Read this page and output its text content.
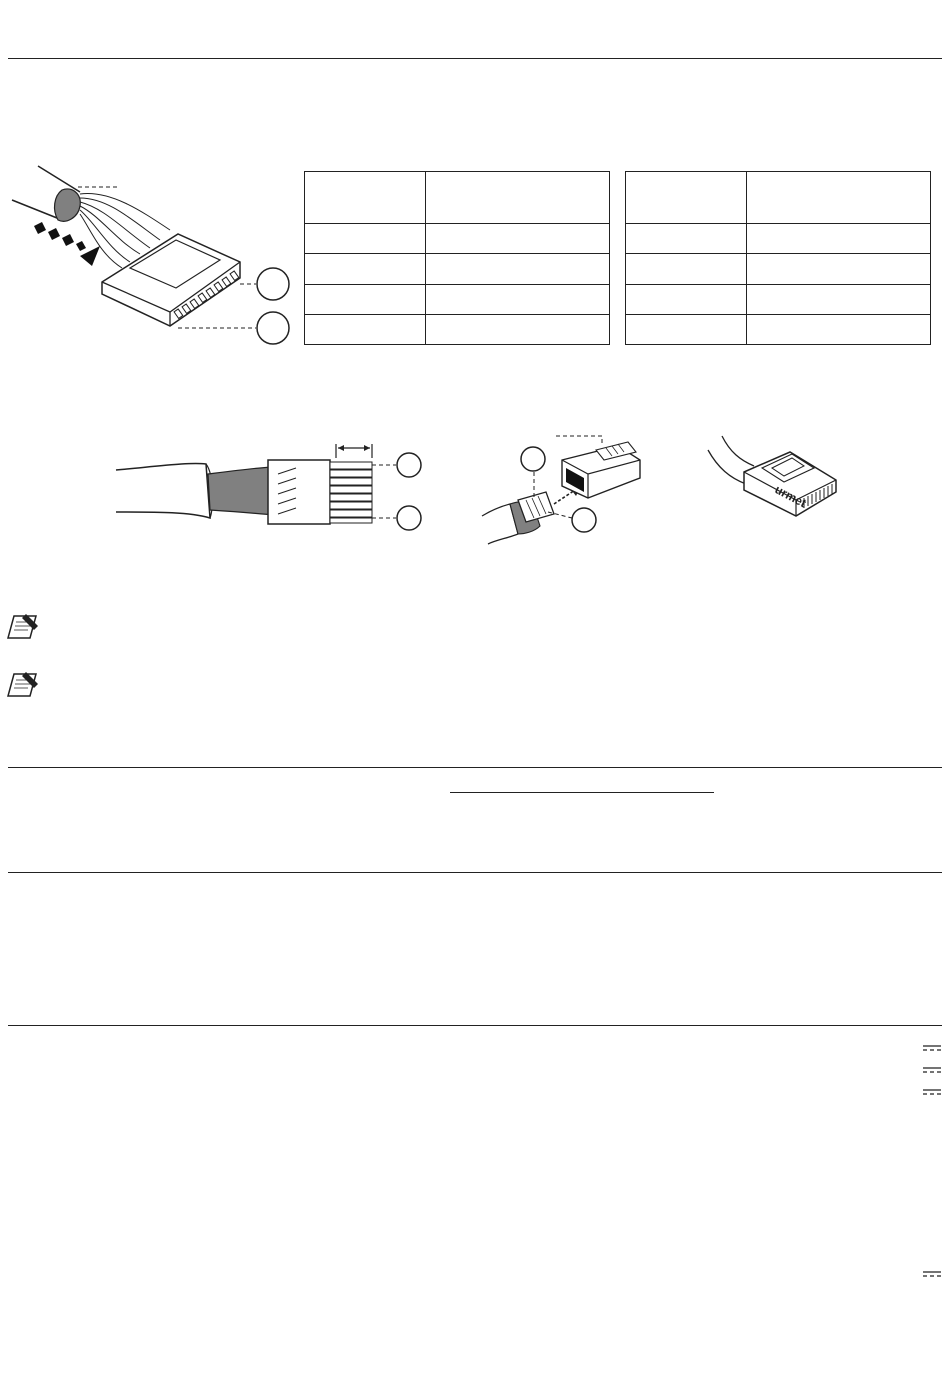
urmet
